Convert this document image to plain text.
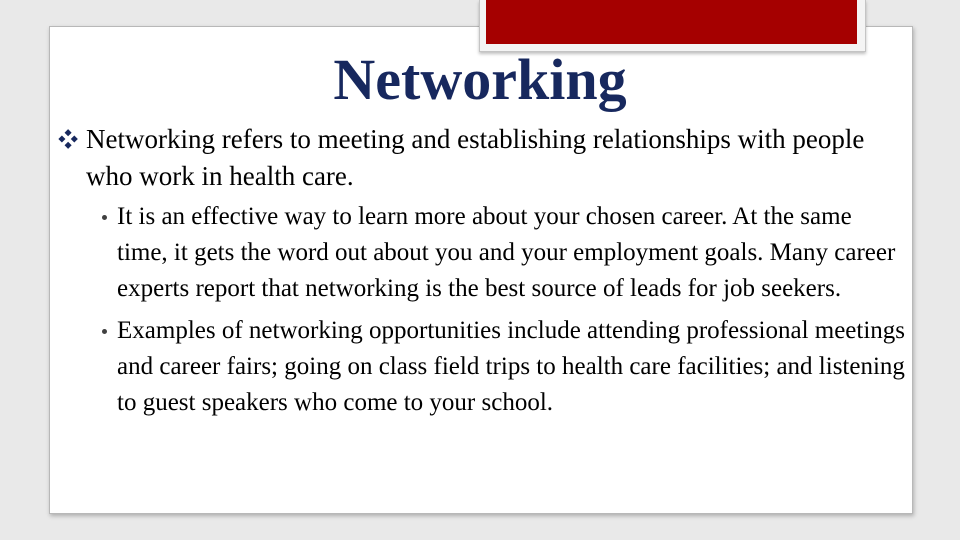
Networking
Networking refers to meeting and establishing relationships with people who work in health care.
It is an effective way to learn more about your chosen career. At the same time, it gets the word out about you and your employment goals. Many career experts report that networking is the best source of leads for job seekers.
Examples of networking opportunities include attending professional meetings and career fairs; going on class field trips to health care facilities; and listening to guest speakers who come to your school.
